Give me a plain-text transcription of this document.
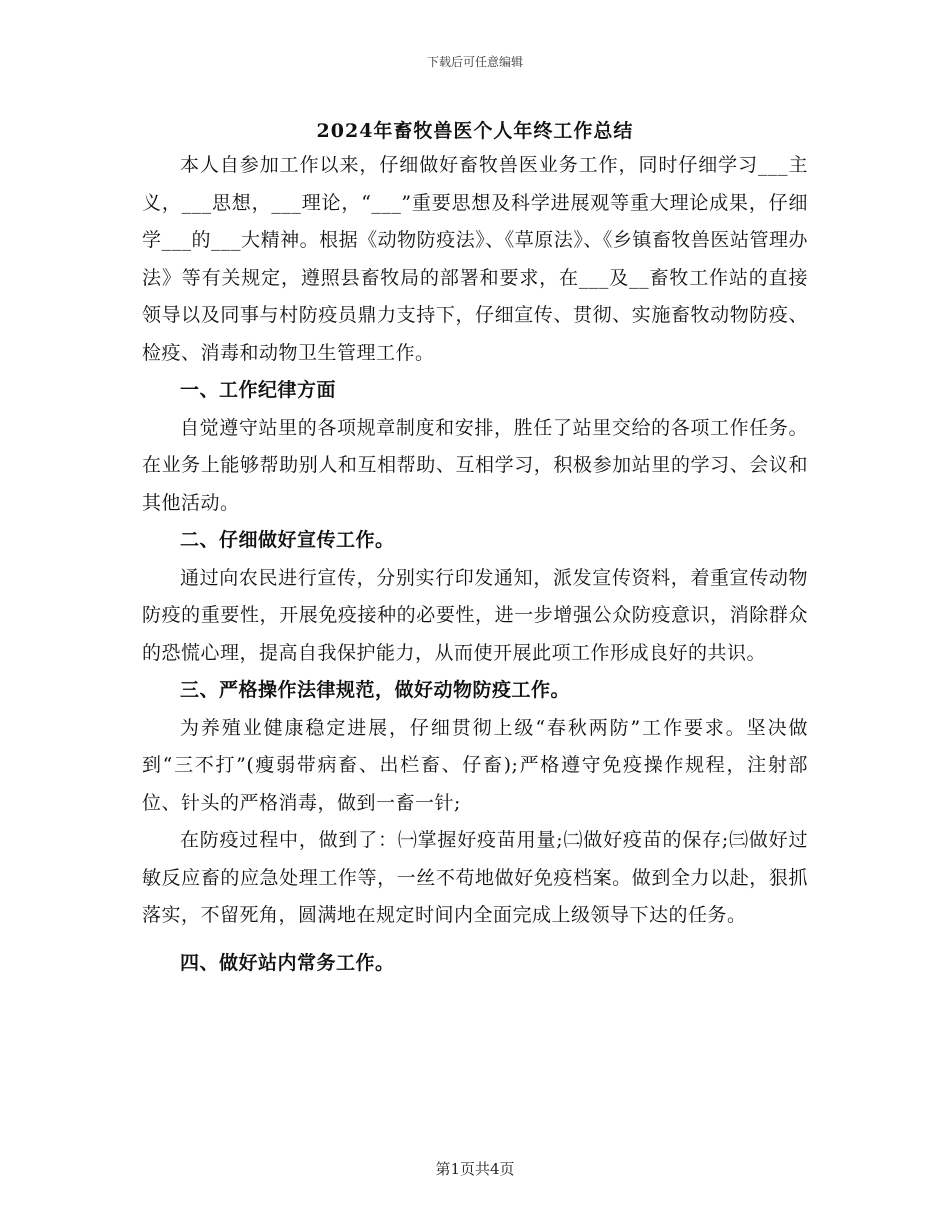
下载后可任意编辑
2024年畜牧兽医个人年终工作总结

本人自参加工作以来，仔细做好畜牧兽医业务工作，同时仔细学习___主义，___思想，___理论，“___”重要思想及科学进展观等重大理论成果，仔细学___的___大精神。根据《动物防疫法》、《草原法》、《乡镇畜牧兽医站管理办法》等有关规定，遵照县畜牧局的部署和要求，在___及__畜牧工作站的直接领导以及同事与村防疫员鼎力支持下，仔细宣传、贯彻、实施畜牧动物防疫、检疫、消毒和动物卫生管理工作。

一、工作纪律方面

自觉遵守站里的各项规章制度和安排，胜任了站里交给的各项工作任务。在业务上能够帮助别人和互相帮助、互相学习，积极参加站里的学习、会议和其他活动。

二、仔细做好宣传工作。

通过向农民进行宣传，分别实行印发通知，派发宣传资料，着重宣传动物防疫的重要性，开展免疫接种的必要性，进一步增强公众防疫意识，消除群众的恐慌心理，提高自我保护能力，从而使开展此项工作形成良好的共识。

三、严格操作法律规范，做好动物防疫工作。

为养殖业健康稳定进展，仔细贯彻上级“春秋两防”工作要求。坚决做到“三不打”(瘦弱带病畜、出栏畜、仔畜);严格遵守免疫操作规程，注射部位、针头的严格消毒，做到一畜一针;

在防疫过程中，做到了：㈠掌握好疫苗用量;㈡做好疫苗的保存;㈢做好过敏反应畜的应急处理工作等，一丝不苟地做好免疫档案。做到全力以赴，狠抓落实，不留死角，圆满地在规定时间内全面完成上级领导下达的任务。

四、做好站内常务工作。

第1页共4页
